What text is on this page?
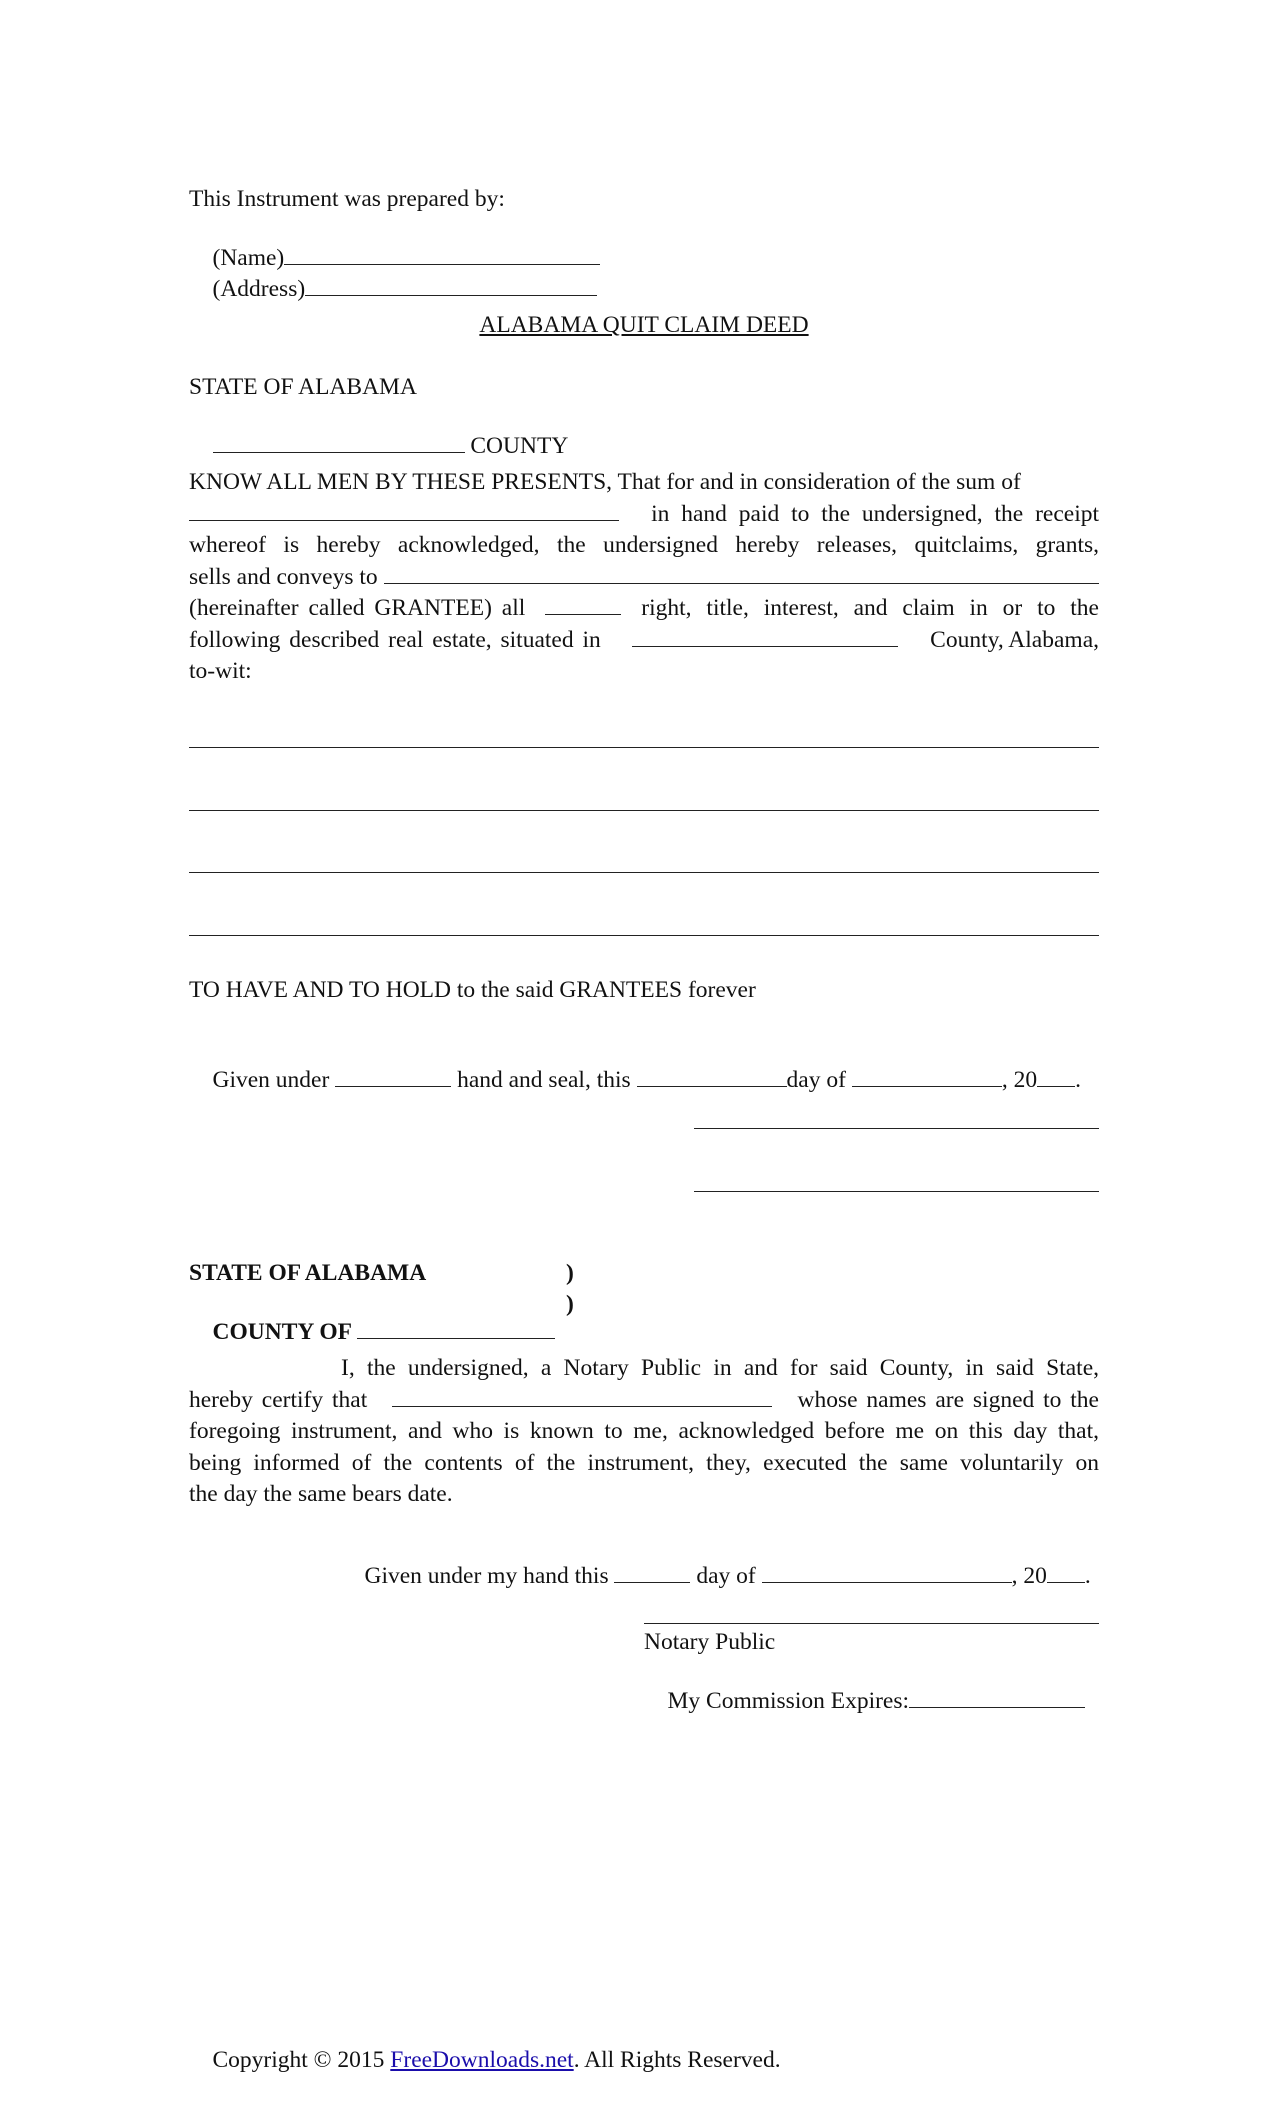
This Instrument was prepared by:

(Name)

(Address)

ALABAMA QUIT CLAIM DEED
STATE OF ALABAMA

COUNTY

KNOW ALL MEN BY THESE PRESENTS, That for and in consideration of the sum of
in hand paid to the undersigned, the receipt
whereof is hereby acknowledged, the undersigned hereby releases, quitclaims, grants,
sells and conveys to
(hereinafter called GRANTEE) all	right, title, interest, and claim in or to the
following described real estate, situated in	County, Alabama,
to-wit:
TO HAVE AND TO HOLD to the said GRANTEES forever

Given under	hand and seal, this	day of	, 20 .

STATE OF ALABAMA	)

COUNTY OF

)
I, the undersigned, a Notary Public in and for said County, in said State,
hereby certify that	whose names are signed to the
foregoing instrument, and who is known to me, acknowledged before me on this day that,
being informed of the contents of the instrument, they, executed the same voluntarily on
the day the same bears date.

Given under my hand this	day of	, 20 .

Notary Public

My Commission Expires:

Copyright © 2015 FreeDownloads.net. All Rights Reserved.
